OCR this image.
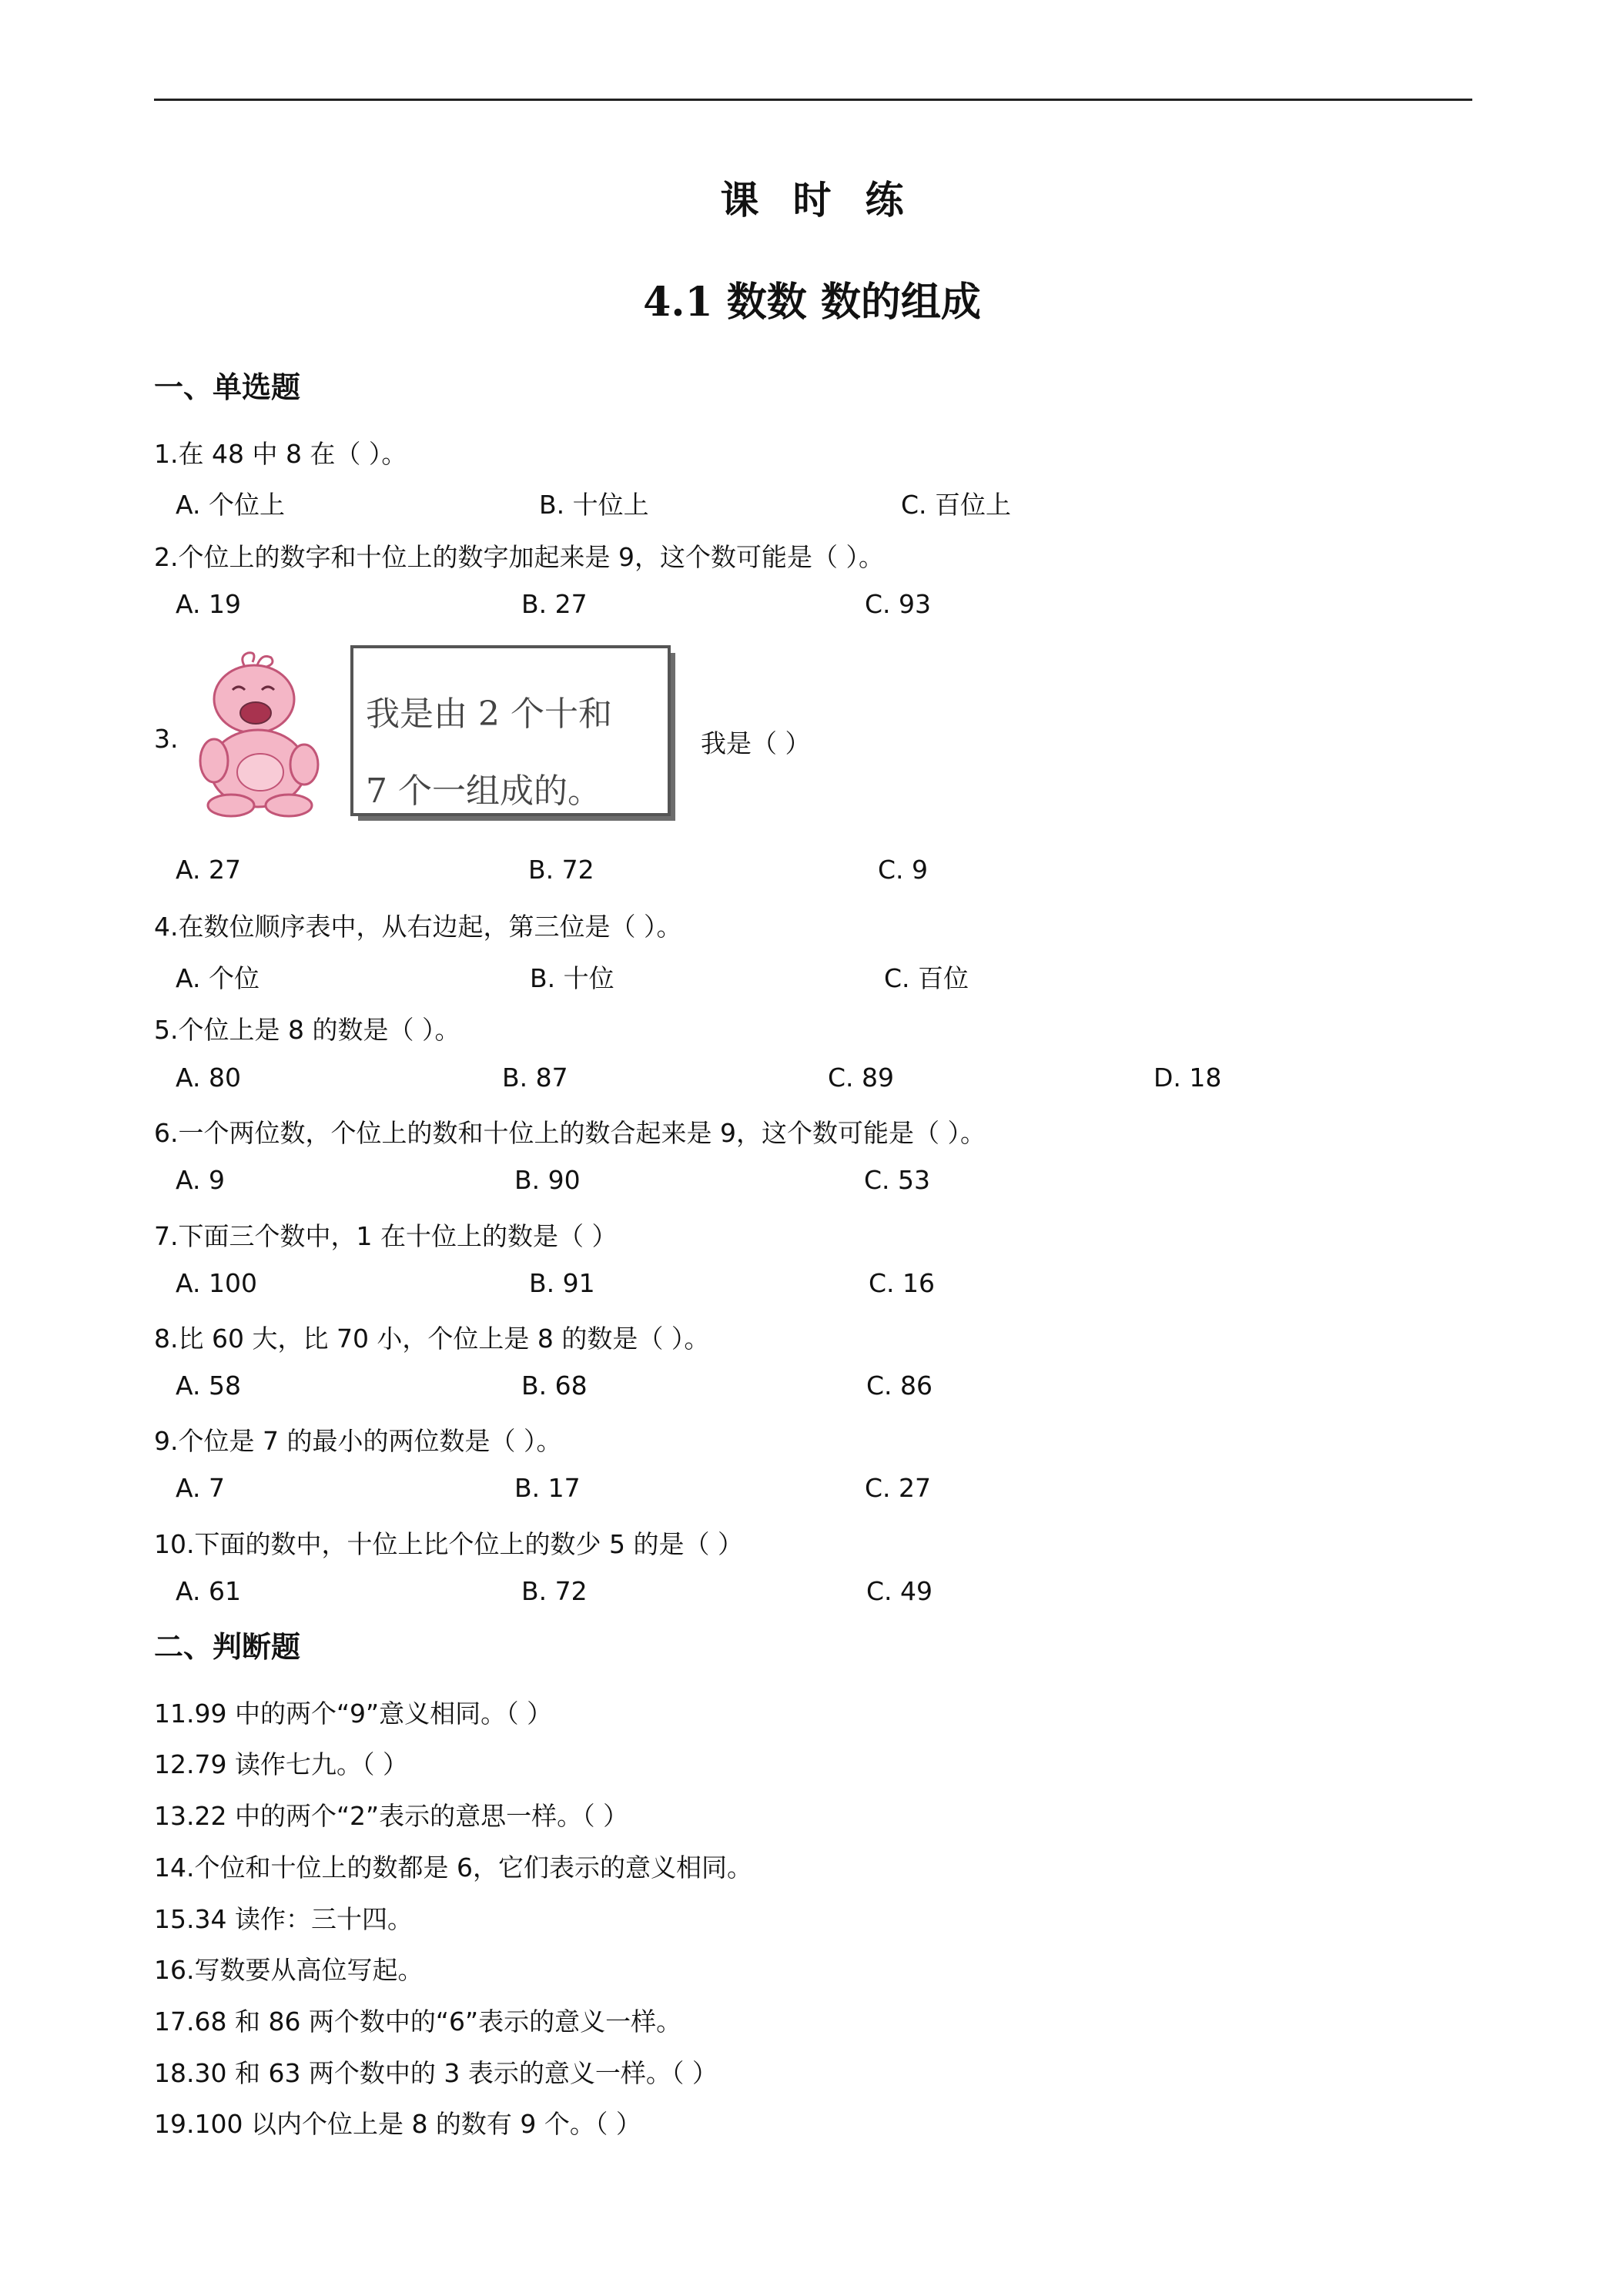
课 时 练
4.1 数数 数的组成
一、单选题
1.在 48 中 8 在（ ）。
A. 个位上	B. 十位上	C. 百位上
2.个位上的数字和十位上的数字加起来是 9，这个数可能是（ ）。
A. 19	B. 27	C. 93
3.
我是由 2 个十和
7 个一组成的。
我是（ ）
A. 27	B. 72	C. 9
4.在数位顺序表中，从右边起，第三位是（ ）。
A. 个位	B. 十位	C. 百位
5.个位上是 8 的数是（ ）。
A. 80	B. 87	C. 89	D. 18
6.一个两位数，个位上的数和十位上的数合起来是 9，这个数可能是（ ）。
A. 9	B. 90	C. 53
7.下面三个数中，1 在十位上的数是（ ）
A. 100	B. 91	C. 16
8.比 60 大，比 70 小，个位上是 8 的数是（ ）。
A. 58	B. 68	C. 86
9.个位是 7 的最小的两位数是（ ）。
A. 7	B. 17	C. 27
10.下面的数中，十位上比个位上的数少 5 的是（ ）
A. 61	B. 72	C. 49
二、判断题
11.99 中的两个“9”意义相同。（ ）
12.79 读作七九。（ ）
13.22 中的两个“2”表示的意思一样。（ ）
14.个位和十位上的数都是 6，它们表示的意义相同。
15.34 读作：三十四。
16.写数要从高位写起。
17.68 和 86 两个数中的“6”表示的意义一样。
18.30 和 63 两个数中的 3 表示的意义一样。（ ）
19.100 以内个位上是 8 的数有 9 个。（ ）
